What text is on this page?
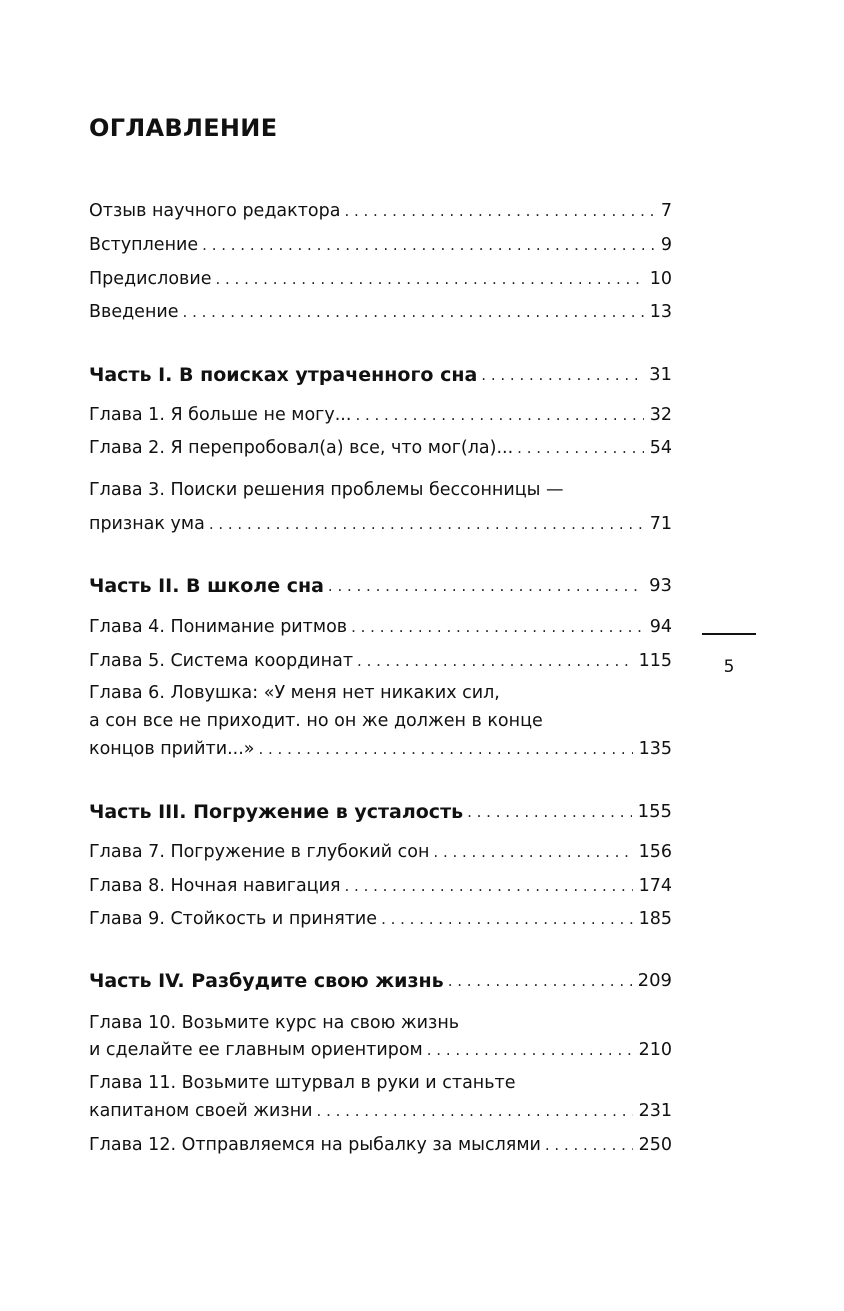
ОГЛАВЛЕНИЕ
Отзыв научного редактора . . .	7
Вступление . . .	9
Предисловие . . .	10
Введение . . .	13
Часть I. В поисках утраченного сна . . .	31
Глава 1. Я больше не могу... . . .	32
Глава 2. Я перепробовал(а) все, что мог(ла)... . . .	54
Глава 3. Поиски решения проблемы бессонницы —
признак ума . . .	71
Часть II. В школе сна . . .	93
Глава 4. Понимание ритмов . . .	94
Глава 5. Система координат . . .	115
Глава 6. Ловушка: «У меня нет никаких сил,
а сон все не приходит. но он же должен в конце
концов прийти...» . . .	135
Часть III. Погружение в усталость . . .	155
Глава 7. Погружение в глубокий сон . . .	156
Глава 8. Ночная навигация . . .	174
Глава 9. Стойкость и принятие . . .	185
Часть IV. Разбудите свою жизнь . . .	209
Глава 10. Возьмите курс на свою жизнь
и сделайте ее главным ориентиром . . .	210
Глава 11. Возьмите штурвал в руки и станьте
капитаном своей жизни . . .	231
Глава 12. Отправляемся на рыбалку за мыслями . . .	250
5
